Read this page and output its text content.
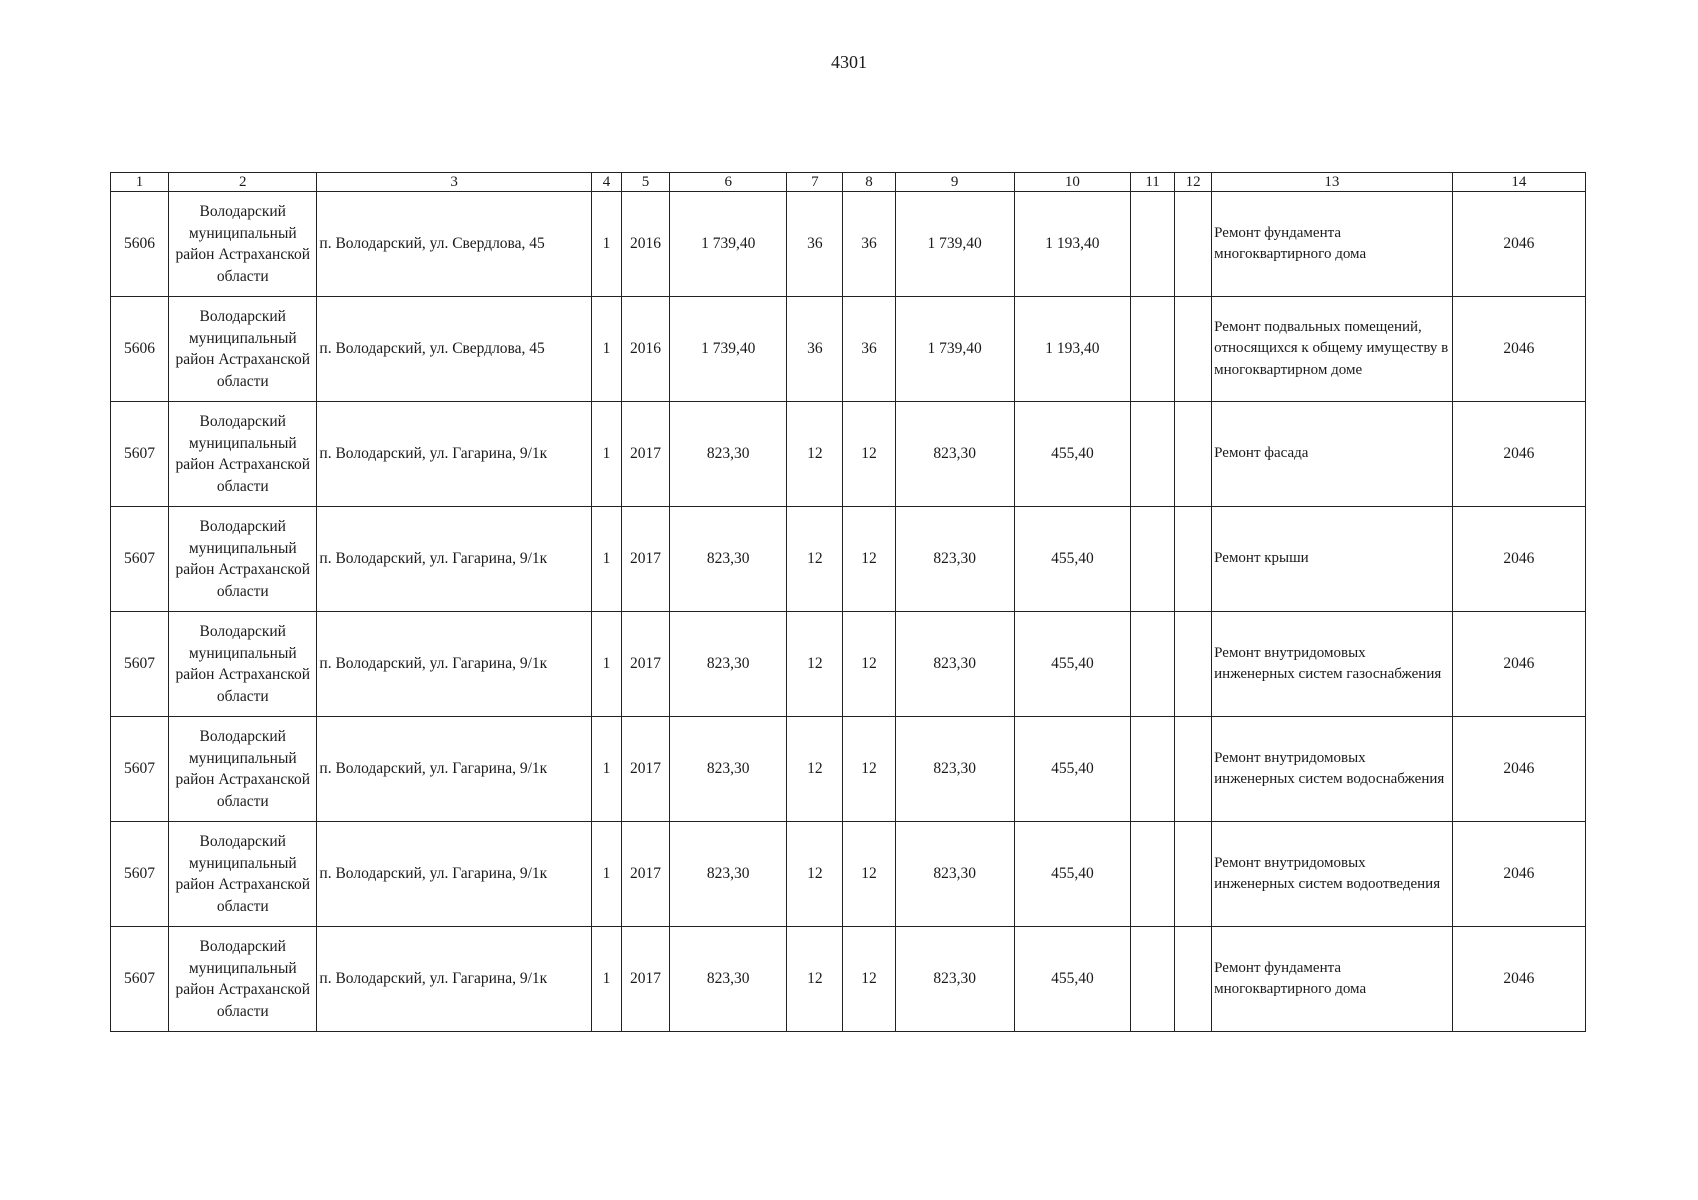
4301
1	2	3	4	5	6	7	8	9	10	11	12	13	14
5606	Володарский муниципальный район Астраханской области	п. Володарский, ул. Свердлова, 45	1	2016	1 739,40	36	36	1 739,40	1 193,40			Ремонт фундамента многоквартирного дома	2046
5606	Володарский муниципальный район Астраханской области	п. Володарский, ул. Свердлова, 45	1	2016	1 739,40	36	36	1 739,40	1 193,40			Ремонт подвальных помещений, относящихся к общему имуществу в многоквартирном доме	2046
5607	Володарский муниципальный район Астраханской области	п. Володарский, ул. Гагарина, 9/1к	1	2017	823,30	12	12	823,30	455,40			Ремонт фасада	2046
5607	Володарский муниципальный район Астраханской области	п. Володарский, ул. Гагарина, 9/1к	1	2017	823,30	12	12	823,30	455,40			Ремонт крыши	2046
5607	Володарский муниципальный район Астраханской области	п. Володарский, ул. Гагарина, 9/1к	1	2017	823,30	12	12	823,30	455,40			Ремонт внутридомовых инженерных систем газоснабжения	2046
5607	Володарский муниципальный район Астраханской области	п. Володарский, ул. Гагарина, 9/1к	1	2017	823,30	12	12	823,30	455,40			Ремонт внутридомовых инженерных систем водоснабжения	2046
5607	Володарский муниципальный район Астраханской области	п. Володарский, ул. Гагарина, 9/1к	1	2017	823,30	12	12	823,30	455,40			Ремонт внутридомовых инженерных систем водоотведения	2046
5607	Володарский муниципальный район Астраханской области	п. Володарский, ул. Гагарина, 9/1к	1	2017	823,30	12	12	823,30	455,40			Ремонт фундамента многоквартирного дома	2046
